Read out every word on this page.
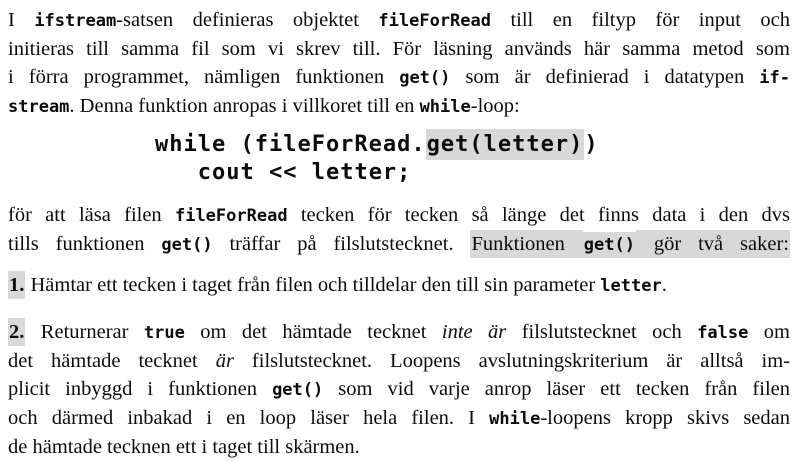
I ifstream-satsen definieras objektet fileForRead till en filtyp för input och
initieras till samma fil som vi skrev till. För läsning används här samma metod som
i förra programmet, nämligen funktionen get() som är definierad i datatypen if-
stream. Denna funktion anropas i villkoret till en while-loop:
while (fileForRead.get(letter))
cout << letter;
för att läsa filen fileForRead tecken för tecken så länge det finns data i den dvs
tills funktionen get() träffar på filslutstecknet. Funktionen get() gör två saker:
1. Hämtar ett tecken i taget från filen och tilldelar den till sin parameter letter.
2. Returnerar true om det hämtade tecknet inte är filslutstecknet och false om
det hämtade tecknet är filslutstecknet. Loopens avslutningskriterium är alltså im-
plicit inbyggd i funktionen get() som vid varje anrop läser ett tecken från filen
och därmed inbakad i en loop läser hela filen. I while-loopens kropp skivs sedan
de hämtade tecknen ett i taget till skärmen.
